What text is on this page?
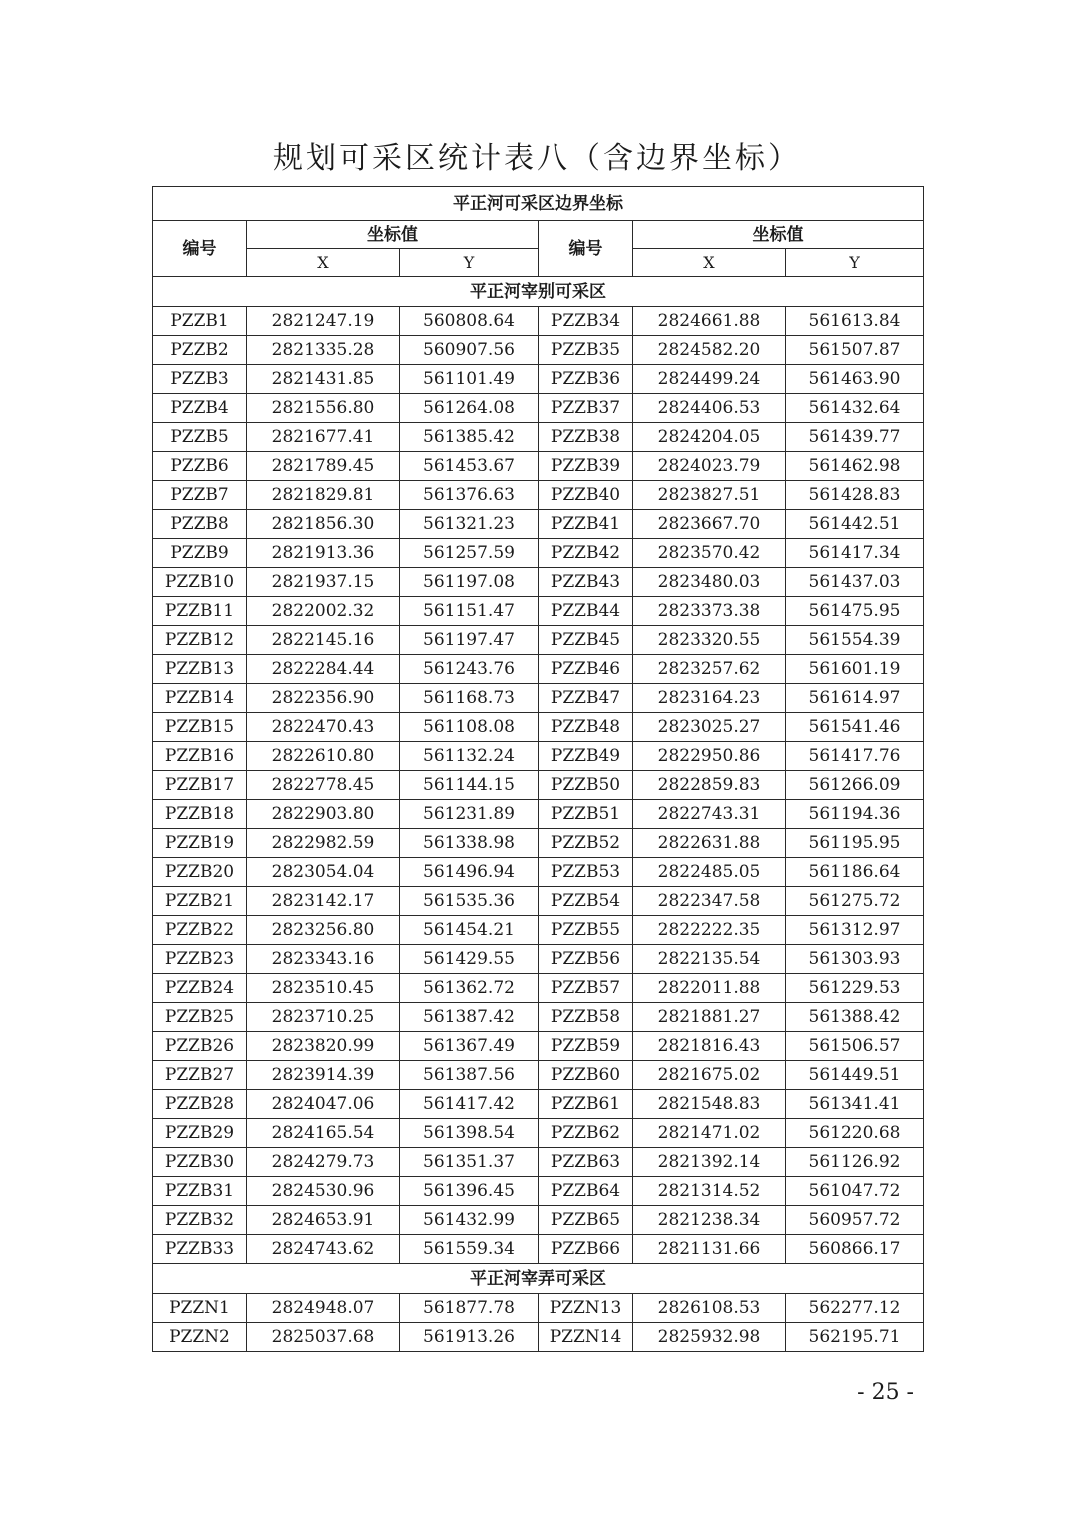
规划可采区统计表八（含边界坐标）
平正河可采区边界坐标					
编号	坐标值		编号	坐标值	
	X	Y		X	Y
平正河宰别可采区					
PZZB1	2821247.19	560808.64	PZZB34	2824661.88	561613.84
PZZB2	2821335.28	560907.56	PZZB35	2824582.20	561507.87
PZZB3	2821431.85	561101.49	PZZB36	2824499.24	561463.90
PZZB4	2821556.80	561264.08	PZZB37	2824406.53	561432.64
PZZB5	2821677.41	561385.42	PZZB38	2824204.05	561439.77
PZZB6	2821789.45	561453.67	PZZB39	2824023.79	561462.98
PZZB7	2821829.81	561376.63	PZZB40	2823827.51	561428.83
PZZB8	2821856.30	561321.23	PZZB41	2823667.70	561442.51
PZZB9	2821913.36	561257.59	PZZB42	2823570.42	561417.34
PZZB10	2821937.15	561197.08	PZZB43	2823480.03	561437.03
PZZB11	2822002.32	561151.47	PZZB44	2823373.38	561475.95
PZZB12	2822145.16	561197.47	PZZB45	2823320.55	561554.39
PZZB13	2822284.44	561243.76	PZZB46	2823257.62	561601.19
PZZB14	2822356.90	561168.73	PZZB47	2823164.23	561614.97
PZZB15	2822470.43	561108.08	PZZB48	2823025.27	561541.46
PZZB16	2822610.80	561132.24	PZZB49	2822950.86	561417.76
PZZB17	2822778.45	561144.15	PZZB50	2822859.83	561266.09
PZZB18	2822903.80	561231.89	PZZB51	2822743.31	561194.36
PZZB19	2822982.59	561338.98	PZZB52	2822631.88	561195.95
PZZB20	2823054.04	561496.94	PZZB53	2822485.05	561186.64
PZZB21	2823142.17	561535.36	PZZB54	2822347.58	561275.72
PZZB22	2823256.80	561454.21	PZZB55	2822222.35	561312.97
PZZB23	2823343.16	561429.55	PZZB56	2822135.54	561303.93
PZZB24	2823510.45	561362.72	PZZB57	2822011.88	561229.53
PZZB25	2823710.25	561387.42	PZZB58	2821881.27	561388.42
PZZB26	2823820.99	561367.49	PZZB59	2821816.43	561506.57
PZZB27	2823914.39	561387.56	PZZB60	2821675.02	561449.51
PZZB28	2824047.06	561417.42	PZZB61	2821548.83	561341.41
PZZB29	2824165.54	561398.54	PZZB62	2821471.02	561220.68
PZZB30	2824279.73	561351.37	PZZB63	2821392.14	561126.92
PZZB31	2824530.96	561396.45	PZZB64	2821314.52	561047.72
PZZB32	2824653.91	561432.99	PZZB65	2821238.34	560957.72
PZZB33	2824743.62	561559.34	PZZB66	2821131.66	560866.17
平正河宰弄可采区					
PZZN1	2824948.07	561877.78	PZZN13	2826108.53	562277.12
PZZN2	2825037.68	561913.26	PZZN14	2825932.98	562195.71
- 25 -
